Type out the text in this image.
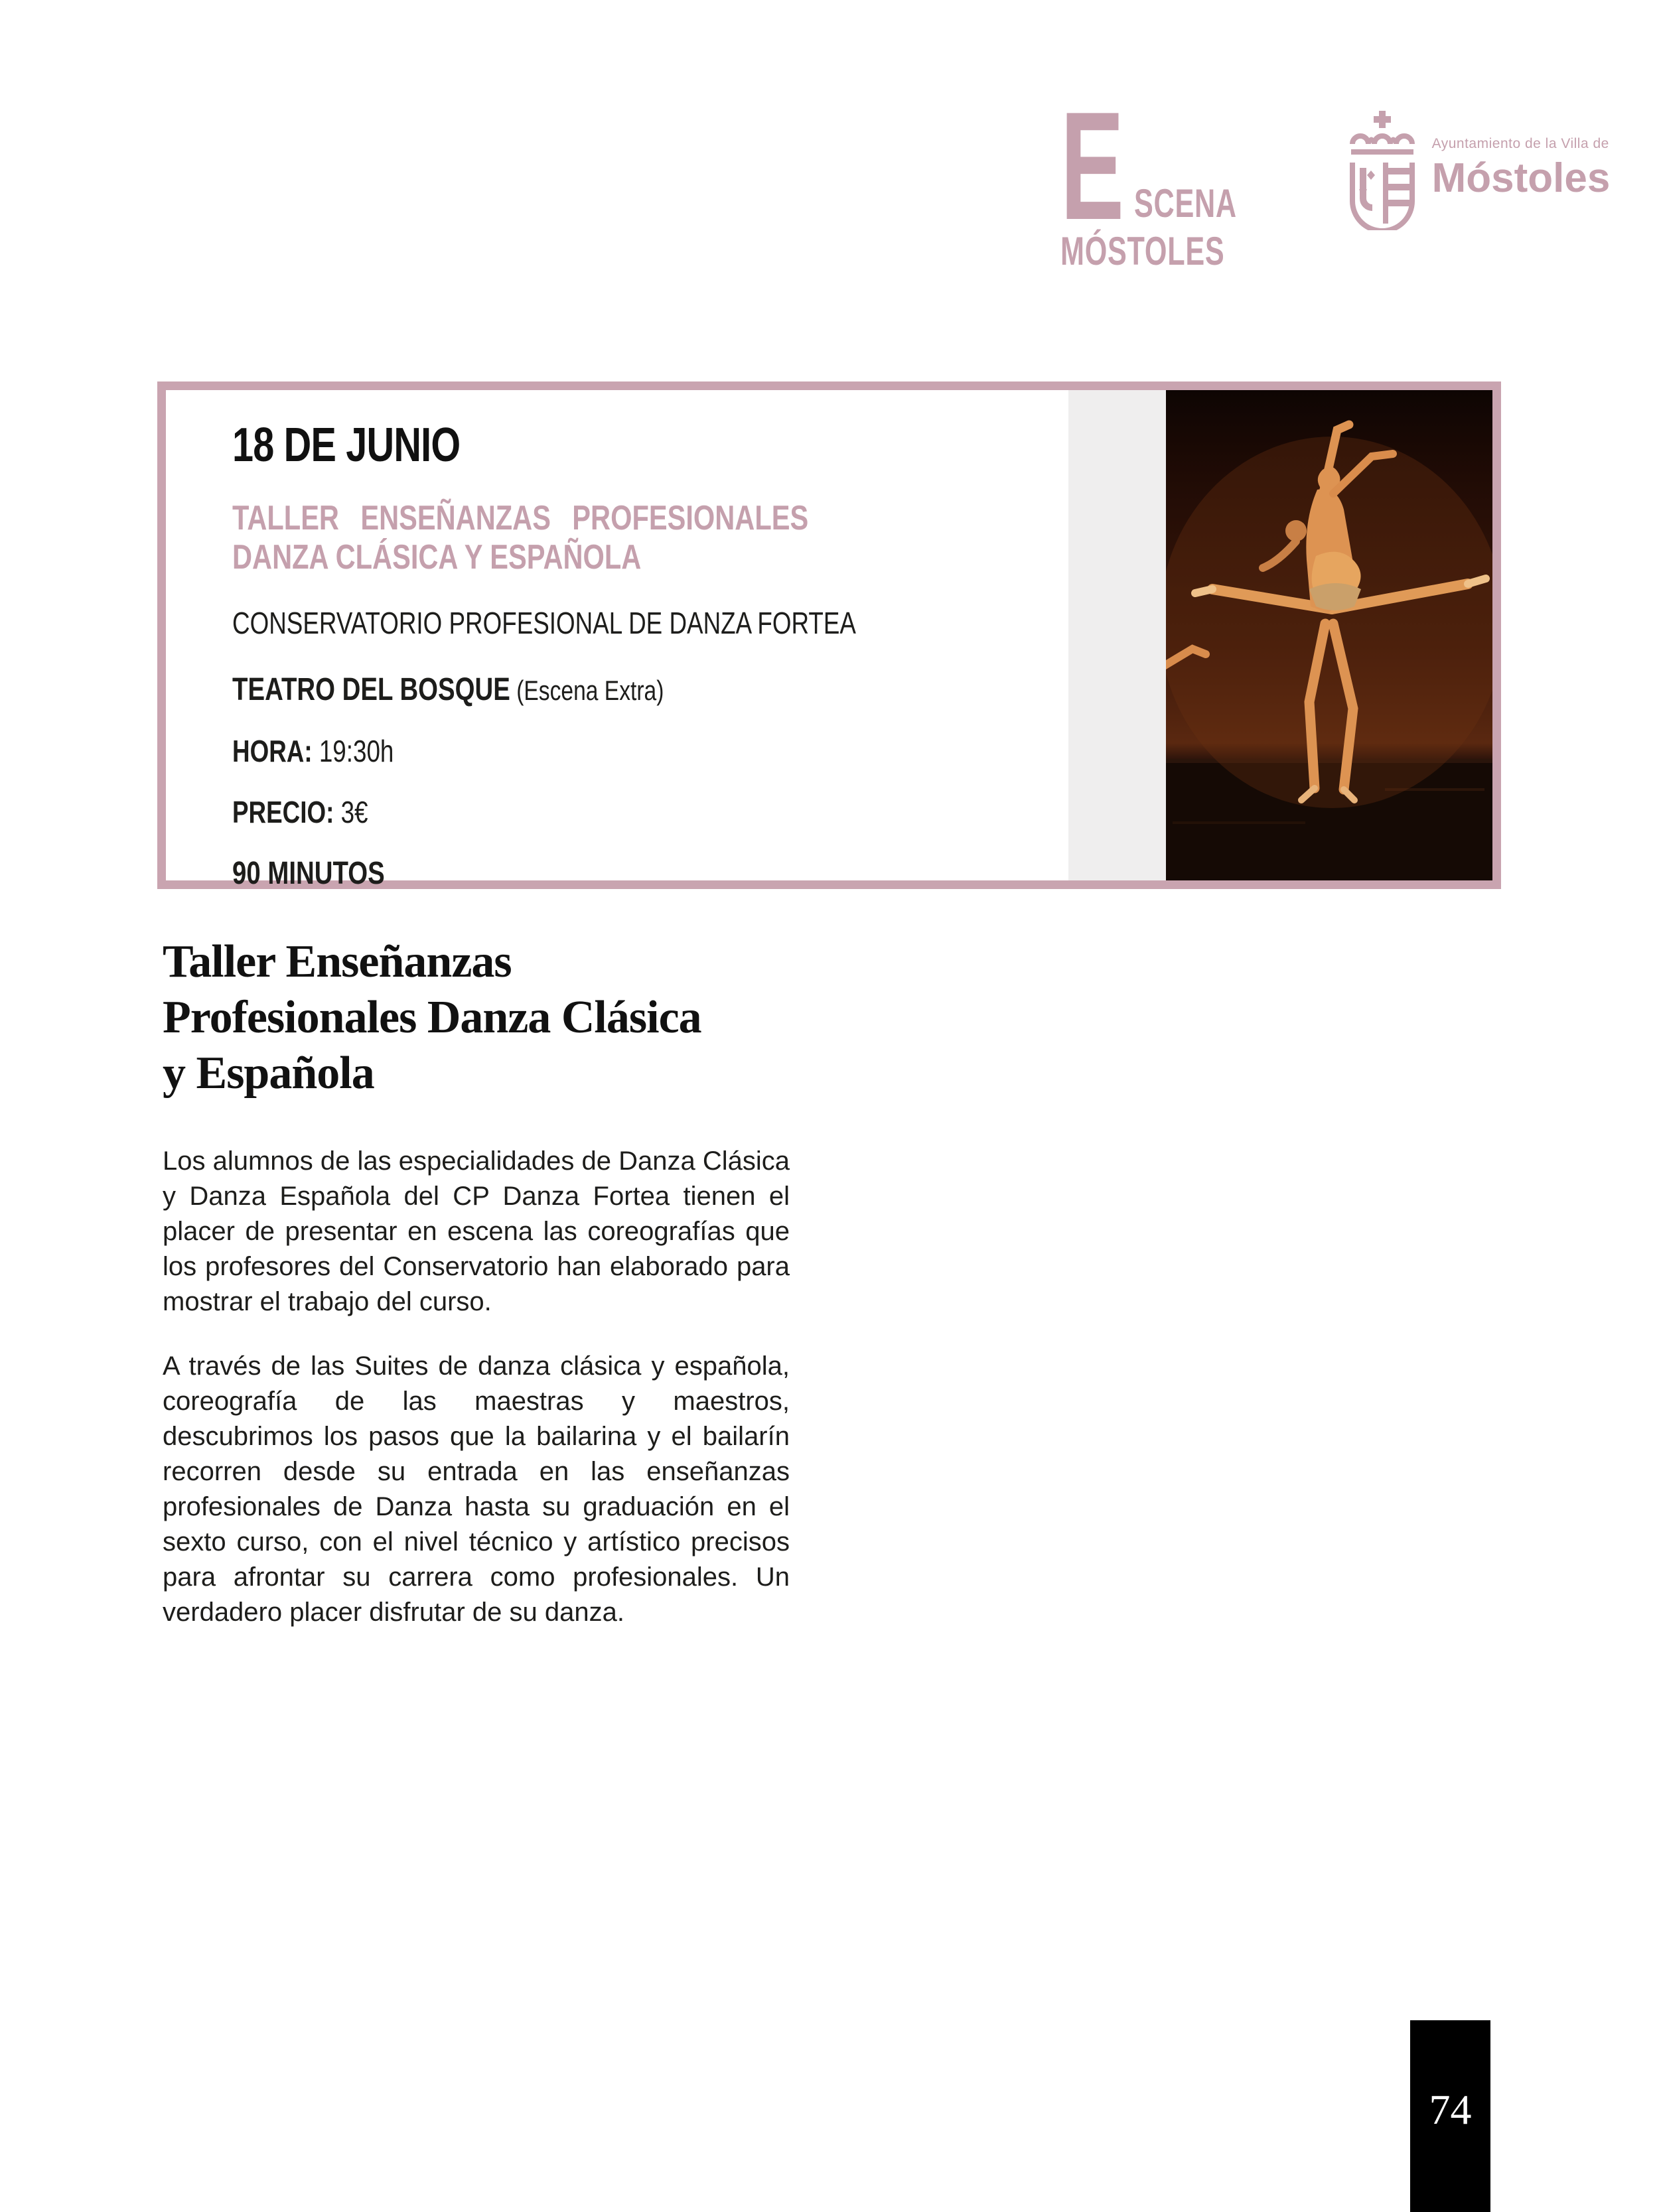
E SCENA
MÓSTOLES
Ayuntamiento de la Villa de
Móstoles
18 DE JUNIO
TALLER ENSEÑANZAS PROFESIONALES
DANZA CLÁSICA Y ESPAÑOLA
CONSERVATORIO PROFESIONAL DE DANZA FORTEA
TEATRO DEL BOSQUE (Escena Extra)
HORA: 19:30h
PRECIO: 3€
90 MINUTOS
Taller Enseñanzas
Profesionales Danza Clásica
y Española

Los alumnos de las especialidades de Danza Clásica y Danza Española del CP Danza Fortea tienen el placer de presentar en escena las coreografías que los profesores del Conservatorio han elaborado para mostrar el trabajo del curso.

A través de las Suites de danza clásica y española, coreografía de las maestras y maestros, descubrimos los pasos que la bailarina y el bailarín recorren desde su entrada en las enseñanzas profesionales de Danza hasta su graduación en el sexto curso, con el nivel técnico y artístico precisos para afrontar su carrera como profesionales. Un verdadero placer disfrutar de su danza.

74
